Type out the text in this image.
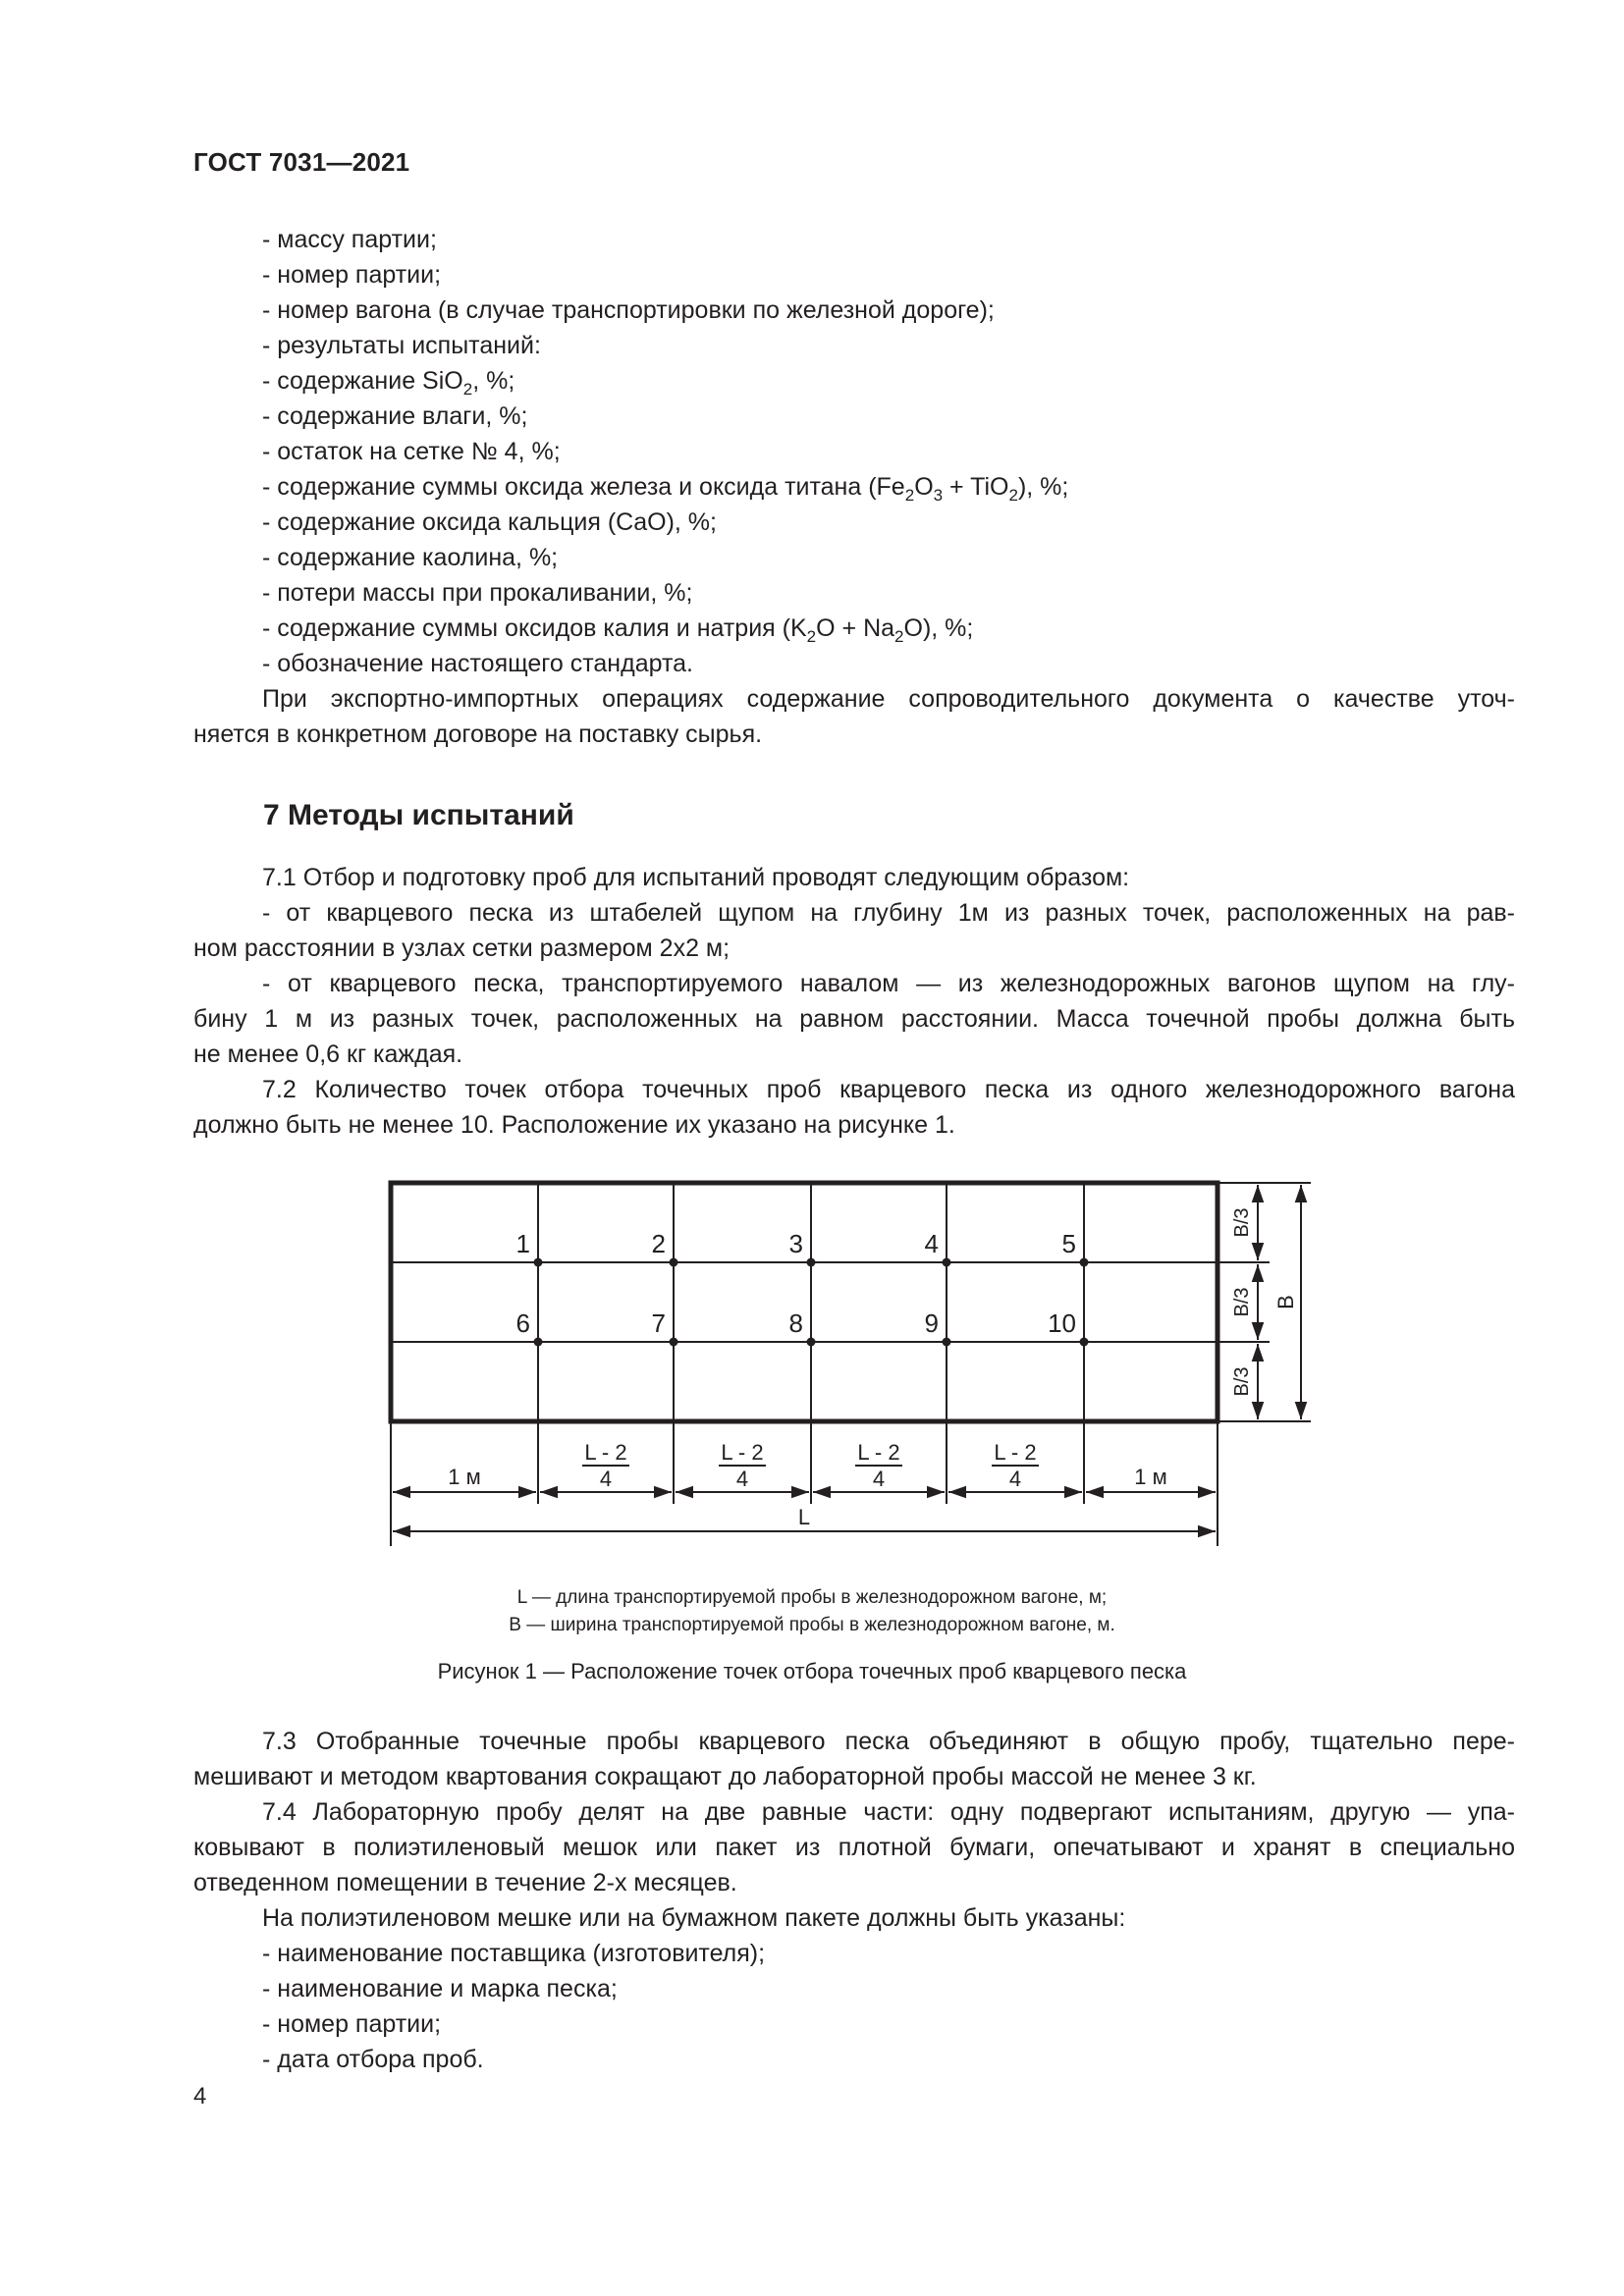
ГОСТ 7031—2021
- массу партии;
- номер партии;
- номер вагона (в случае транспортировки по железной дороге);
- результаты испытаний:
- содержание SiO$_2$, %;
- содержание влаги, %;
- остаток на сетке № 4, %;
- содержание суммы оксида железа и оксида титана $(Fe_2O_3 + TiO_2)$, %;
- содержание оксида кальция (CaO), %;
- содержание каолина, %;
- потери массы при прокаливании, %;
- содержание суммы оксидов калия и натрия $(K_2O + Na_2O)$, %;
- обозначение настоящего стандарта.
При экспортно-импортных операциях содержание сопроводительного документа о качестве уточ-
няется в конкретном договоре на поставку сырья.
7 Методы испытаний
7.1 Отбор и подготовку проб для испытаний проводят следующим образом:
- от кварцевого песка из штабелей щупом на глубину 1м из разных точек, расположенных на рав-
ном расстоянии в узлах сетки размером 2х2 м;
- от кварцевого песка, транспортируемого навалом — из железнодорожных вагонов щупом на глу-
бину 1 м из разных точек, расположенных на равном расстоянии. Масса точечной пробы должна быть
не менее 0,6 кг каждая.
7.2 Количество точек отбора точечных проб кварцевого песка из одного железнодорожного вагона
должно быть не менее 10. Расположение их указано на рисунке 1.
1	2	3	4	5
6	7	8	9	10
1 м
L - 2
4
L - 2
4
L - 2
4
L - 2
4	1 м
L
B/3
B/3
B/3
B
L — длина транспортируемой пробы в железнодорожном вагоне, м;
B — ширина транспортируемой пробы в железнодорожном вагоне, м.
Рисунок 1 — Расположение точек отбора точечных проб кварцевого песка
7.3 Отобранные точечные пробы кварцевого песка объединяют в общую пробу, тщательно пере-
мешивают и методом квартования сокращают до лабораторной пробы массой не менее 3 кг.
7.4 Лабораторную пробу делят на две равные части: одну подвергают испытаниям, другую — упа-
ковывают в полиэтиленовый мешок или пакет из плотной бумаги, опечатывают и хранят в специально
отведенном помещении в течение 2-х месяцев.
На полиэтиленовом мешке или на бумажном пакете должны быть указаны:
- наименование поставщика (изготовителя);
- наименование и марка песка;
- номер партии;
- дата отбора проб.
4
